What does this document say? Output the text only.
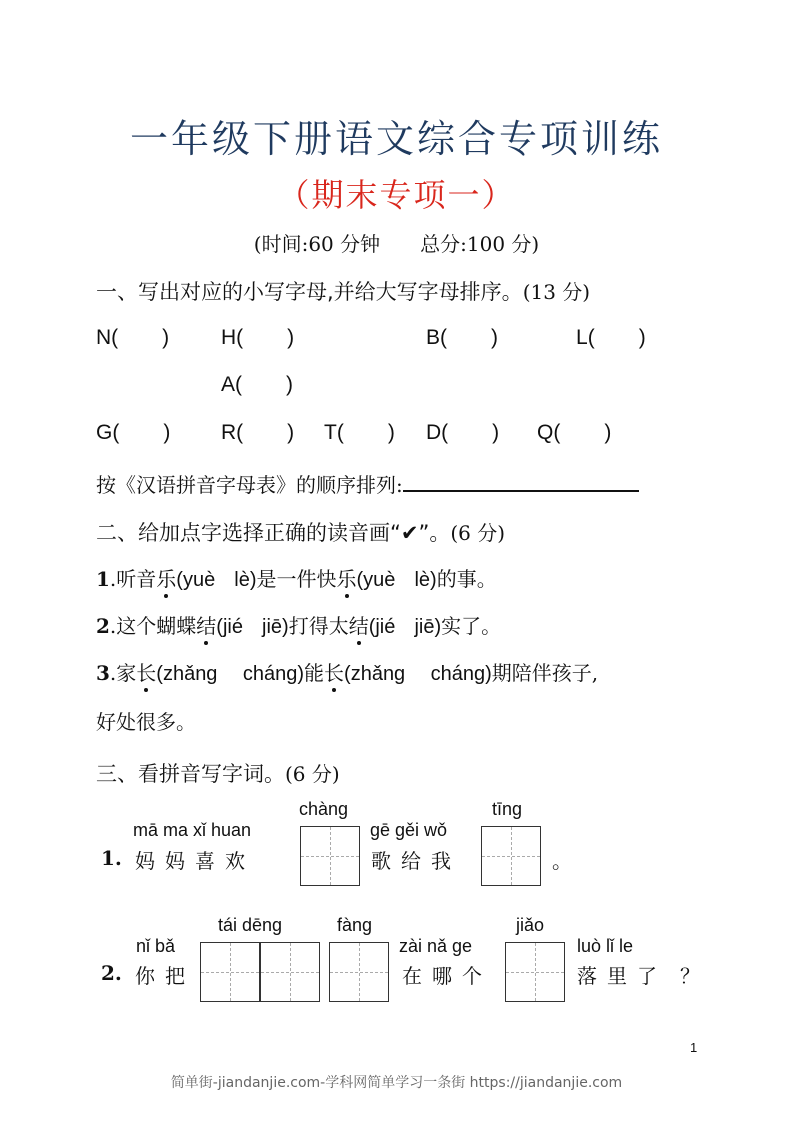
一年级下册语文综合专项训练
（期末专项一）
(时间:60 分钟 总分:100 分)
一、写出对应的小写字母,并给大写字母排序。(13 分)
N( ) H( )	B( )	L( )
A( )
G( ) R( ) T( ) D( ) Q( )
按《汉语拼音字母表》的顺序排列:
二、给加点字选择正确的读音画“✔”。(6 分)
1.听音乐(yuè lè)是一件快乐(yuè lè)的事。
2.这个蝴蝶结(jié jiē)打得太结(jié jiē)实了。
3.家长(zhǎng cháng)能长(zhǎng cháng)期陪伴孩子,
好处很多。
三、看拼音写字词。(6 分)
mā ma xǐ huan
1. 妈妈喜欢
chàng
gē gěi wǒ
歌给我
tīng
。
nǐ bǎ
2. 你把
tái dēng	fàng
zài nǎ ge
在哪个
jiǎo
luò lǐ le
落里了 ？
1
简单街-jiandanjie.com-学科网简单学习一条街 https://jiandanjie.com
